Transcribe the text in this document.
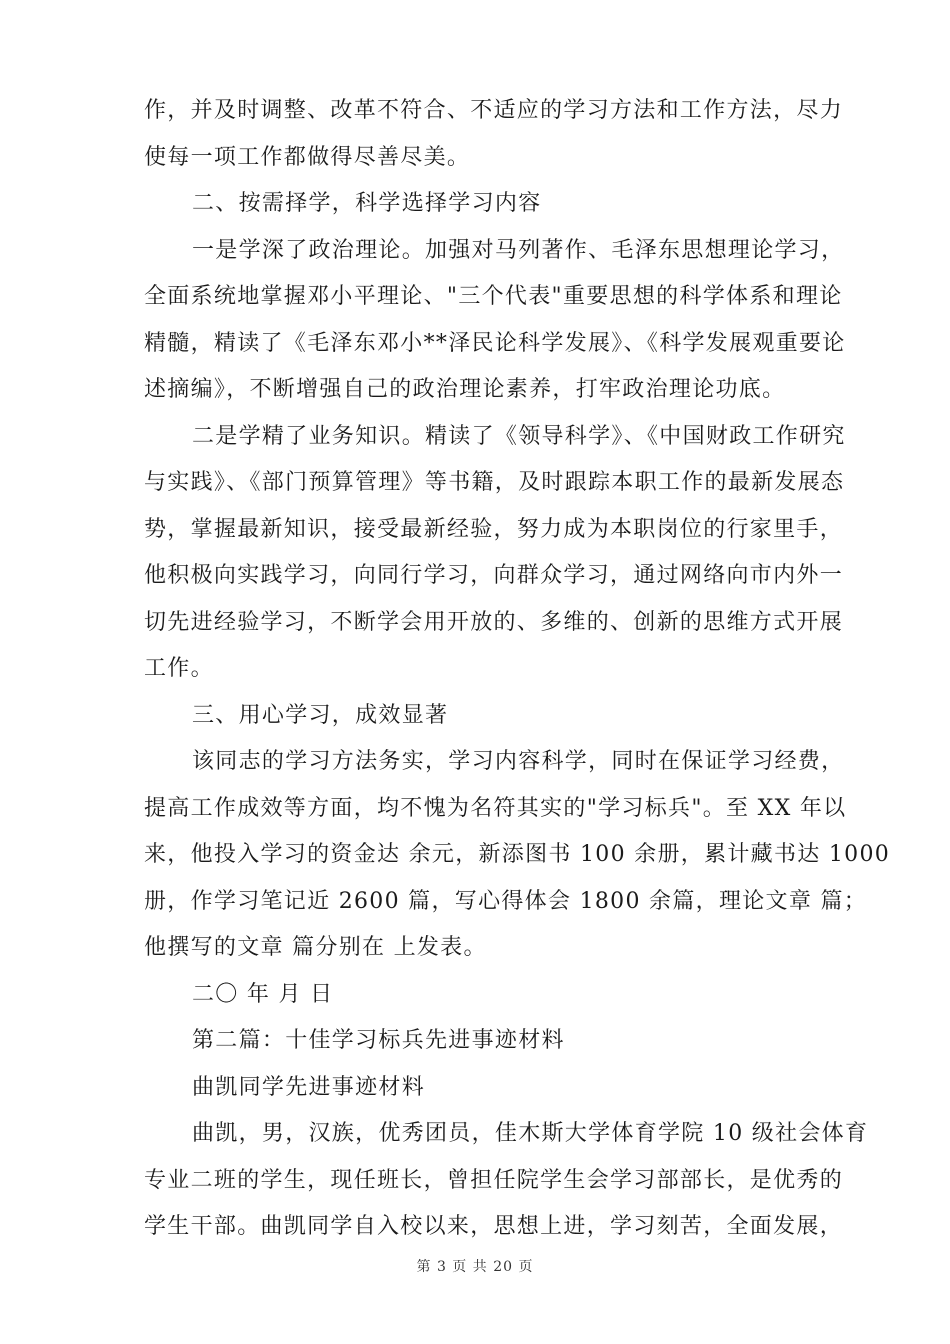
作，并及时调整、改革不符合、不适应的学习方法和工作方法，尽力
使每一项工作都做得尽善尽美。
二、按需择学，科学选择学习内容
一是学深了政治理论。加强对马列著作、毛泽东思想理论学习，
全面系统地掌握邓小平理论、"三个代表"重要思想的科学体系和理论
精髓，精读了《毛泽东邓小**泽民论科学发展》、《科学发展观重要论
述摘编》，不断增强自己的政治理论素养，打牢政治理论功底。
二是学精了业务知识。精读了《领导科学》、《中国财政工作研究
与实践》、《部门预算管理》等书籍，及时跟踪本职工作的最新发展态
势，掌握最新知识，接受最新经验，努力成为本职岗位的行家里手，
他积极向实践学习，向同行学习，向群众学习，通过网络向市内外一
切先进经验学习，不断学会用开放的、多维的、创新的思维方式开展
工作。
三、用心学习，成效显著
该同志的学习方法务实，学习内容科学，同时在保证学习经费，
提高工作成效等方面，均不愧为名符其实的"学习标兵"。至 XX 年以
来，他投入学习的资金达 余元，新添图书 100 余册，累计藏书达 1000
册，作学习笔记近 2600 篇，写心得体会 1800 余篇，理论文章 篇；
他撰写的文章 篇分别在 上发表。
二〇 年 月 日
第二篇：十佳学习标兵先进事迹材料
曲凯同学先进事迹材料
曲凯，男，汉族，优秀团员，佳木斯大学体育学院 10 级社会体育
专业二班的学生，现任班长，曾担任院学生会学习部部长，是优秀的
学生干部。曲凯同学自入校以来，思想上进，学习刻苦，全面发展，
第 3 页 共 20 页
